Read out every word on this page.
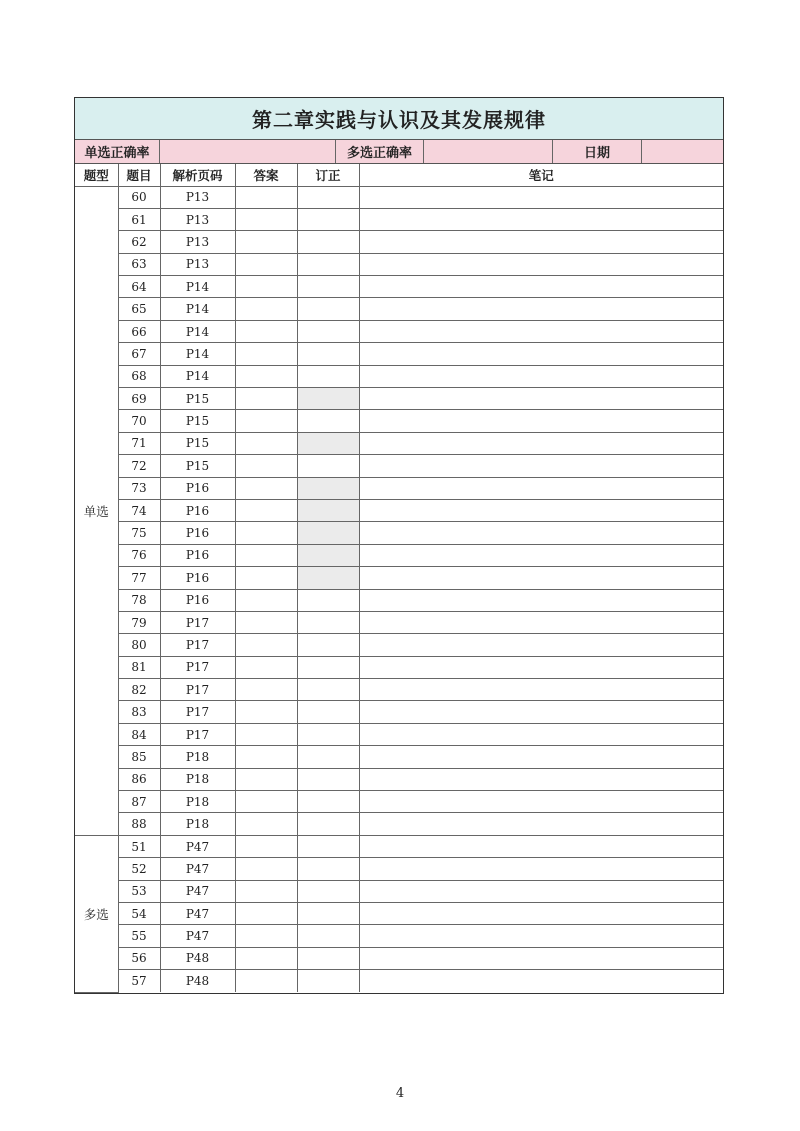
第二章实践与认识及其发展规律
单选正确率	多选正确率	日期
题型	题目	解析页码	答案	订正	笔记
单选	60	P13			
	61	P13			
	62	P13			
	63	P13			
	64	P14			
	65	P14			
	66	P14			
	67	P14			
	68	P14			
	69	P15			
	70	P15			
	71	P15			
	72	P15			
	73	P16			
	74	P16			
	75	P16			
	76	P16			
	77	P16			
	78	P16			
	79	P17			
	80	P17			
	81	P17			
	82	P17			
	83	P17			
	84	P17			
	85	P18			
	86	P18			
	87	P18			
	88	P18			
多选	51	P47			
	52	P47			
	53	P47			
	54	P47			
	55	P47			
	56	P48			
	57	P48			
4
